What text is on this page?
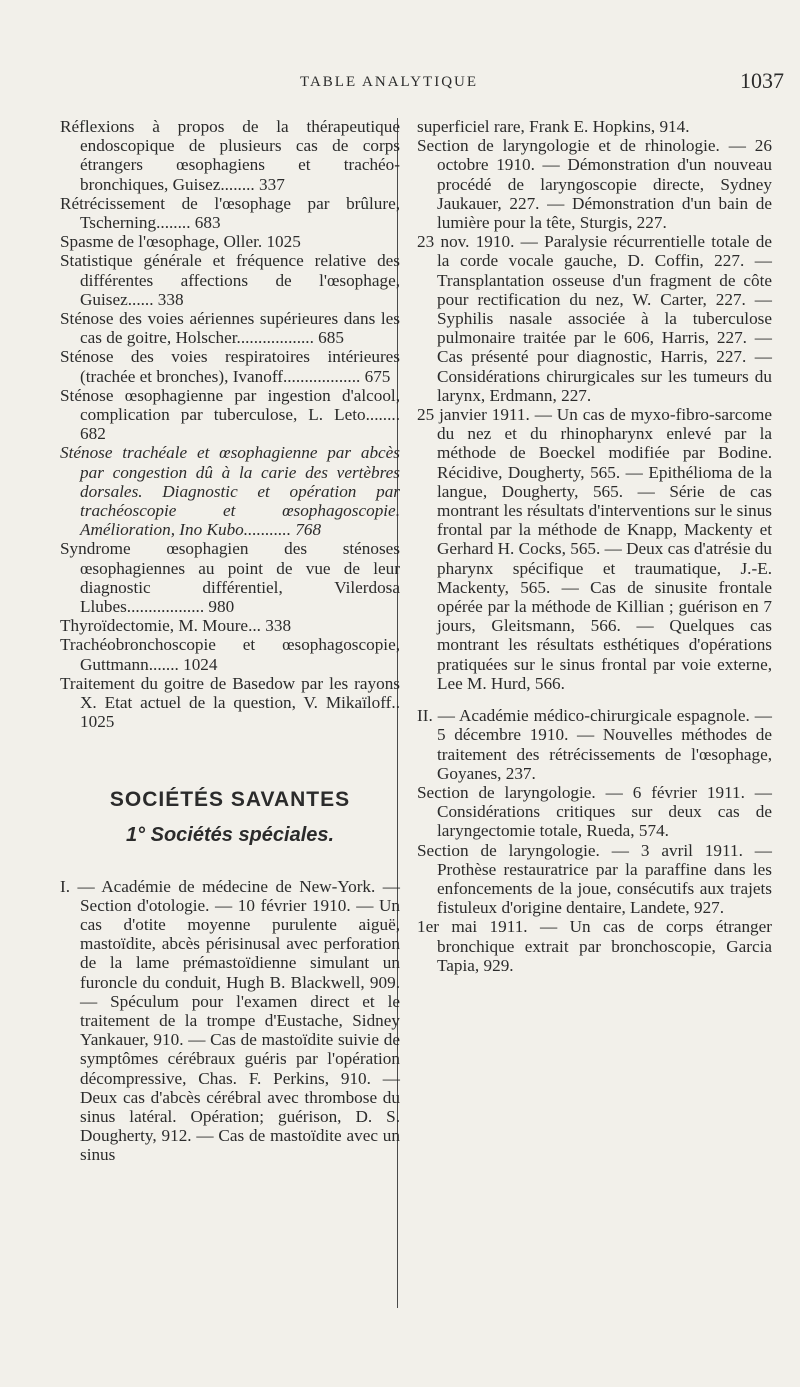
TABLE ANALYTIQUE	1037

Réflexions à propos de la thérapeutique endoscopique de plusieurs cas de corps étrangers œsophagiens et trachéo-bronchiques, Guisez........ 337

Rétrécissement de l'œsophage par brûlure, Tscherning........ 683

Spasme de l'œsophage, Oller. 1025

Statistique générale et fréquence relative des différentes affections de l'œsophage, Guisez...... 338

Sténose des voies aériennes supérieures dans les cas de goitre, Holscher.................. 685

Sténose des voies respiratoires intérieures (trachée et bronches), Ivanoff.................. 675

Sténose œsophagienne par ingestion d'alcool, complication par tuberculose, L. Leto........ 682

Sténose trachéale et œsophagienne par abcès par congestion dû à la carie des vertèbres dorsales. Diagnostic et opération par trachéoscopie et œsophagoscopie. Amélioration, Ino Kubo........... 768

Syndrome œsophagien des sténoses œsophagiennes au point de vue de leur diagnostic différentiel, Vilerdosa Llubes.................. 980

Thyroïdectomie, M. Moure... 338

Trachéobronchoscopie et œsophagoscopie, Guttmann....... 1024

Traitement du goitre de Basedow par les rayons X. Etat actuel de la question, V. Mikaïloff.. 1025

SOCIÉTÉS SAVANTES
1° Sociétés spéciales.

I. — Académie de médecine de New-York. — Section d'otologie. — 10 février 1910. — Un cas d'otite moyenne purulente aiguë, mastoïdite, abcès périsinusal avec perforation de la lame prémastoïdienne simulant un furoncle du conduit, Hugh B. Blackwell, 909. — Spéculum pour l'examen direct et le traitement de la trompe d'Eustache, Sidney Yankauer, 910. — Cas de mastoïdite suivie de symptômes cérébraux guéris par l'opération décompressive, Chas. F. Perkins, 910. — Deux cas d'abcès cérébral avec thrombose du sinus latéral. Opération; guérison, D. S. Dougherty, 912. — Cas de mastoïdite avec un sinus

superficiel rare, Frank E. Hopkins, 914.

Section de laryngologie et de rhinologie. — 26 octobre 1910. — Démonstration d'un nouveau procédé de laryngoscopie directe, Sydney Jaukauer, 227. — Démonstration d'un bain de lumière pour la tête, Sturgis, 227.

23 nov. 1910. — Paralysie récurrentielle totale de la corde vocale gauche, D. Coffin, 227. — Transplantation osseuse d'un fragment de côte pour rectification du nez, W. Carter, 227. — Syphilis nasale associée à la tuberculose pulmonaire traitée par le 606, Harris, 227. — Cas présenté pour diagnostic, Harris, 227. — Considérations chirurgicales sur les tumeurs du larynx, Erdmann, 227.

25 janvier 1911. — Un cas de myxo-fibro-sarcome du nez et du rhinopharynx enlevé par la méthode de Boeckel modifiée par Bodine. Récidive, Dougherty, 565. — Epithélioma de la langue, Dougherty, 565. — Série de cas montrant les résultats d'interventions sur le sinus frontal par la méthode de Knapp, Mackenty et Gerhard H. Cocks, 565. — Deux cas d'atrésie du pharynx spécifique et traumatique, J.-E. Mackenty, 565. — Cas de sinusite frontale opérée par la méthode de Killian ; guérison en 7 jours, Gleitsmann, 566. — Quelques cas montrant les résultats esthétiques d'opérations pratiquées sur le sinus frontal par voie externe, Lee M. Hurd, 566.

II. — Académie médico-chirurgicale espagnole. — 5 décembre 1910. — Nouvelles méthodes de traitement des rétrécissements de l'œsophage, Goyanes, 237.

Section de laryngologie. — 6 février 1911. — Considérations critiques sur deux cas de laryngectomie totale, Rueda, 574.

Section de laryngologie. — 3 avril 1911. — Prothèse restauratrice par la paraffine dans les enfoncements de la joue, consécutifs aux trajets fistuleux d'origine dentaire, Landete, 927.

1er mai 1911. — Un cas de corps étranger bronchique extrait par bronchoscopie, Garcia Tapia, 929.
